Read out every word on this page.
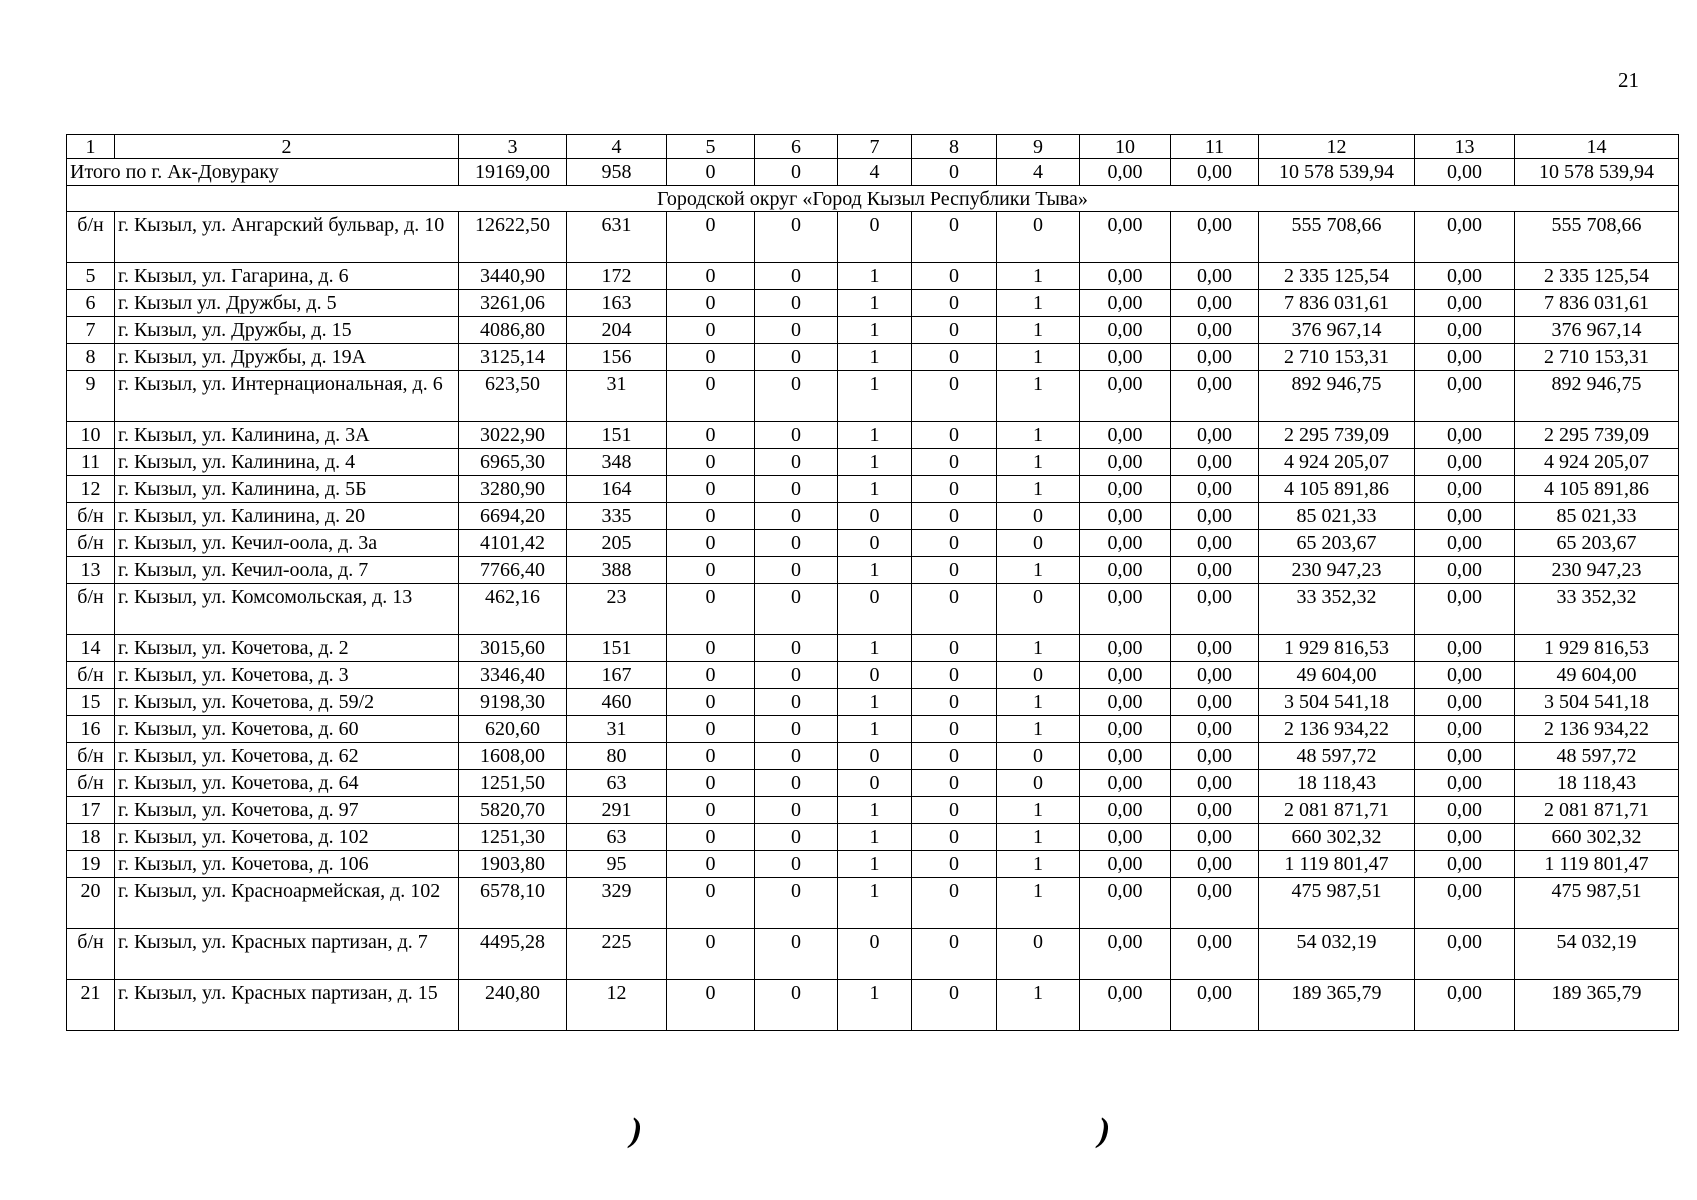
21
1	2	3	4	5	6	7	8	9	10	11	12	13	14
Итого по г. Ак-Довураку		19169,00	958	0	0	4	0	4	0,00	0,00	10 578 539,94	0,00	10 578 539,94
Городской округ «Город Кызыл Республики Тыва»													
б/н	г. Кызыл, ул. Ангарский бульвар, д. 10	12622,50	631	0	0	0	0	0	0,00	0,00	555 708,66	0,00	555 708,66
5	г. Кызыл, ул. Гагарина, д. 6	3440,90	172	0	0	1	0	1	0,00	0,00	2 335 125,54	0,00	2 335 125,54
6	г. Кызыл ул. Дружбы, д. 5	3261,06	163	0	0	1	0	1	0,00	0,00	7 836 031,61	0,00	7 836 031,61
7	г. Кызыл, ул. Дружбы, д. 15	4086,80	204	0	0	1	0	1	0,00	0,00	376 967,14	0,00	376 967,14
8	г. Кызыл, ул. Дружбы, д. 19А	3125,14	156	0	0	1	0	1	0,00	0,00	2 710 153,31	0,00	2 710 153,31
9	г. Кызыл, ул. Интернациональная, д. 6	623,50	31	0	0	1	0	1	0,00	0,00	892 946,75	0,00	892 946,75
10	г. Кызыл, ул. Калинина, д. 3А	3022,90	151	0	0	1	0	1	0,00	0,00	2 295 739,09	0,00	2 295 739,09
11	г. Кызыл, ул. Калинина, д. 4	6965,30	348	0	0	1	0	1	0,00	0,00	4 924 205,07	0,00	4 924 205,07
12	г. Кызыл, ул. Калинина, д. 5Б	3280,90	164	0	0	1	0	1	0,00	0,00	4 105 891,86	0,00	4 105 891,86
б/н	г. Кызыл, ул. Калинина, д. 20	6694,20	335	0	0	0	0	0	0,00	0,00	85 021,33	0,00	85 021,33
б/н	г. Кызыл, ул. Кечил-оола, д. 3а	4101,42	205	0	0	0	0	0	0,00	0,00	65 203,67	0,00	65 203,67
13	г. Кызыл, ул. Кечил-оола, д. 7	7766,40	388	0	0	1	0	1	0,00	0,00	230 947,23	0,00	230 947,23
б/н	г. Кызыл, ул. Комсомольская, д. 13	462,16	23	0	0	0	0	0	0,00	0,00	33 352,32	0,00	33 352,32
14	г. Кызыл, ул. Кочетова, д. 2	3015,60	151	0	0	1	0	1	0,00	0,00	1 929 816,53	0,00	1 929 816,53
б/н	г. Кызыл, ул. Кочетова, д. 3	3346,40	167	0	0	0	0	0	0,00	0,00	49 604,00	0,00	49 604,00
15	г. Кызыл, ул. Кочетова, д. 59/2	9198,30	460	0	0	1	0	1	0,00	0,00	3 504 541,18	0,00	3 504 541,18
16	г. Кызыл, ул. Кочетова, д. 60	620,60	31	0	0	1	0	1	0,00	0,00	2 136 934,22	0,00	2 136 934,22
б/н	г. Кызыл, ул. Кочетова, д. 62	1608,00	80	0	0	0	0	0	0,00	0,00	48 597,72	0,00	48 597,72
б/н	г. Кызыл, ул. Кочетова, д. 64	1251,50	63	0	0	0	0	0	0,00	0,00	18 118,43	0,00	18 118,43
17	г. Кызыл, ул. Кочетова, д. 97	5820,70	291	0	0	1	0	1	0,00	0,00	2 081 871,71	0,00	2 081 871,71
18	г. Кызыл, ул. Кочетова, д. 102	1251,30	63	0	0	1	0	1	0,00	0,00	660 302,32	0,00	660 302,32
19	г. Кызыл, ул. Кочетова, д. 106	1903,80	95	0	0	1	0	1	0,00	0,00	1 119 801,47	0,00	1 119 801,47
20	г. Кызыл, ул. Красноармейская, д. 102	6578,10	329	0	0	1	0	1	0,00	0,00	475 987,51	0,00	475 987,51
б/н	г. Кызыл, ул. Красных партизан, д. 7	4495,28	225	0	0	0	0	0	0,00	0,00	54 032,19	0,00	54 032,19
21	г. Кызыл, ул. Красных партизан, д. 15	240,80	12	0	0	1	0	1	0,00	0,00	189 365,79	0,00	189 365,79
)	)
